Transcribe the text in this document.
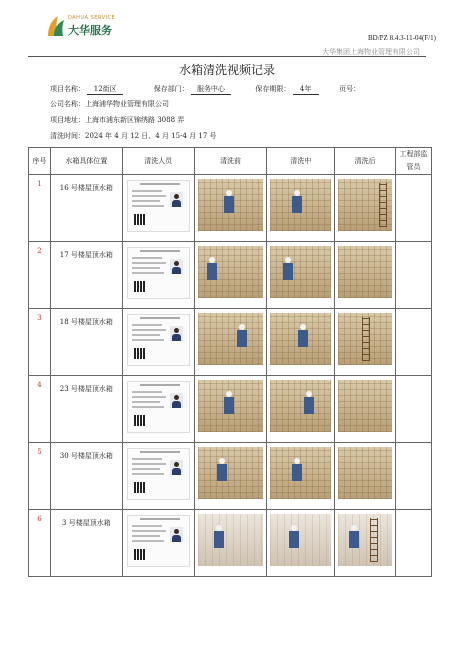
DAHUA SERVICE
大华服务
BD/PZ 8.4.3-11-04(F/1)
大华集团上海物业管理有限公司
水箱清洗视频记录
项目名称： 12街区	保存部门： 服务中心	保存期限： 4年	页号：
公司名称：上海浦华物业管理有限公司
项目地址：上海市浦东新区锦绣路 3088 弄
清洗时间：2024 年 4 月 12 日、4 月 15-4 月 17 号
序号	水箱具体位置	清洗人员	清洗前	清洗中	清洗后	工程部监管员
1	16 号楼屋顶水箱	

2	17 号楼屋顶水箱	

3	18 号楼屋顶水箱	

4	23 号楼屋顶水箱	

5	30 号楼屋顶水箱	

6	3 号楼屋顶水箱	
